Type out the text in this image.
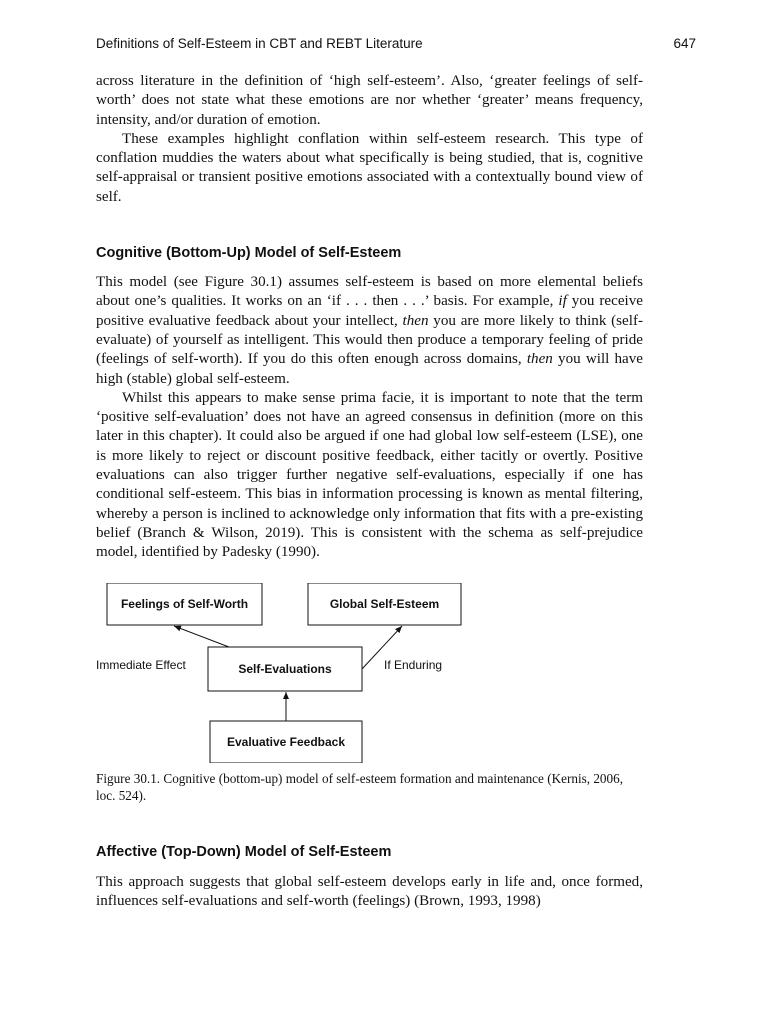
Definitions of Self-Esteem in CBT and REBT Literature	647

across literature in the definition of ‘high self-esteem’. Also, ‘greater feelings of self-worth’ does not state what these emotions are nor whether ‘greater’ means frequency, intensity, and/or duration of emotion.

These examples highlight conflation within self-esteem research. This type of conflation muddies the waters about what specifically is being studied, that is, cognitive self-appraisal or transient positive emotions associated with a contextually bound view of self.

Cognitive (Bottom-Up) Model of Self-Esteem

This model (see Figure 30.1) assumes self-esteem is based on more elemental beliefs about one’s qualities. It works on an ‘if . . . then . . .’ basis. For example, if you receive positive evaluative feedback about your intellect, then you are more likely to think (self-evaluate) of yourself as intelligent. This would then produce a temporary feeling of pride (feelings of self-worth). If you do this often enough across domains, then you will have high (stable) global self-esteem.

Whilst this appears to make sense prima facie, it is important to note that the term ‘positive self-evaluation’ does not have an agreed consensus in definition (more on this later in this chapter). It could also be argued if one had global low self-esteem (LSE), one is more likely to reject or discount positive feedback, either tacitly or overtly. Positive evaluations can also trigger further negative self-evaluations, especially if one has conditional self-esteem. This bias in information processing is known as mental filtering, whereby a person is inclined to acknowledge only information that fits with a pre-existing belief (Branch & Wilson, 2019). This is consistent with the schema as self-prejudice model, identified by Padesky (1990).

Feelings of Self-Worth	Global Self-Esteem
Self-Evaluations
Evaluative Feedback
Immediate Effect	If Enduring

Figure 30.1. Cognitive (bottom-up) model of self-esteem formation and maintenance (Kernis, 2006, loc. 524).

Affective (Top-Down) Model of Self-Esteem

This approach suggests that global self-esteem develops early in life and, once formed, influences self-evaluations and self-worth (feelings) (Brown, 1993, 1998)
